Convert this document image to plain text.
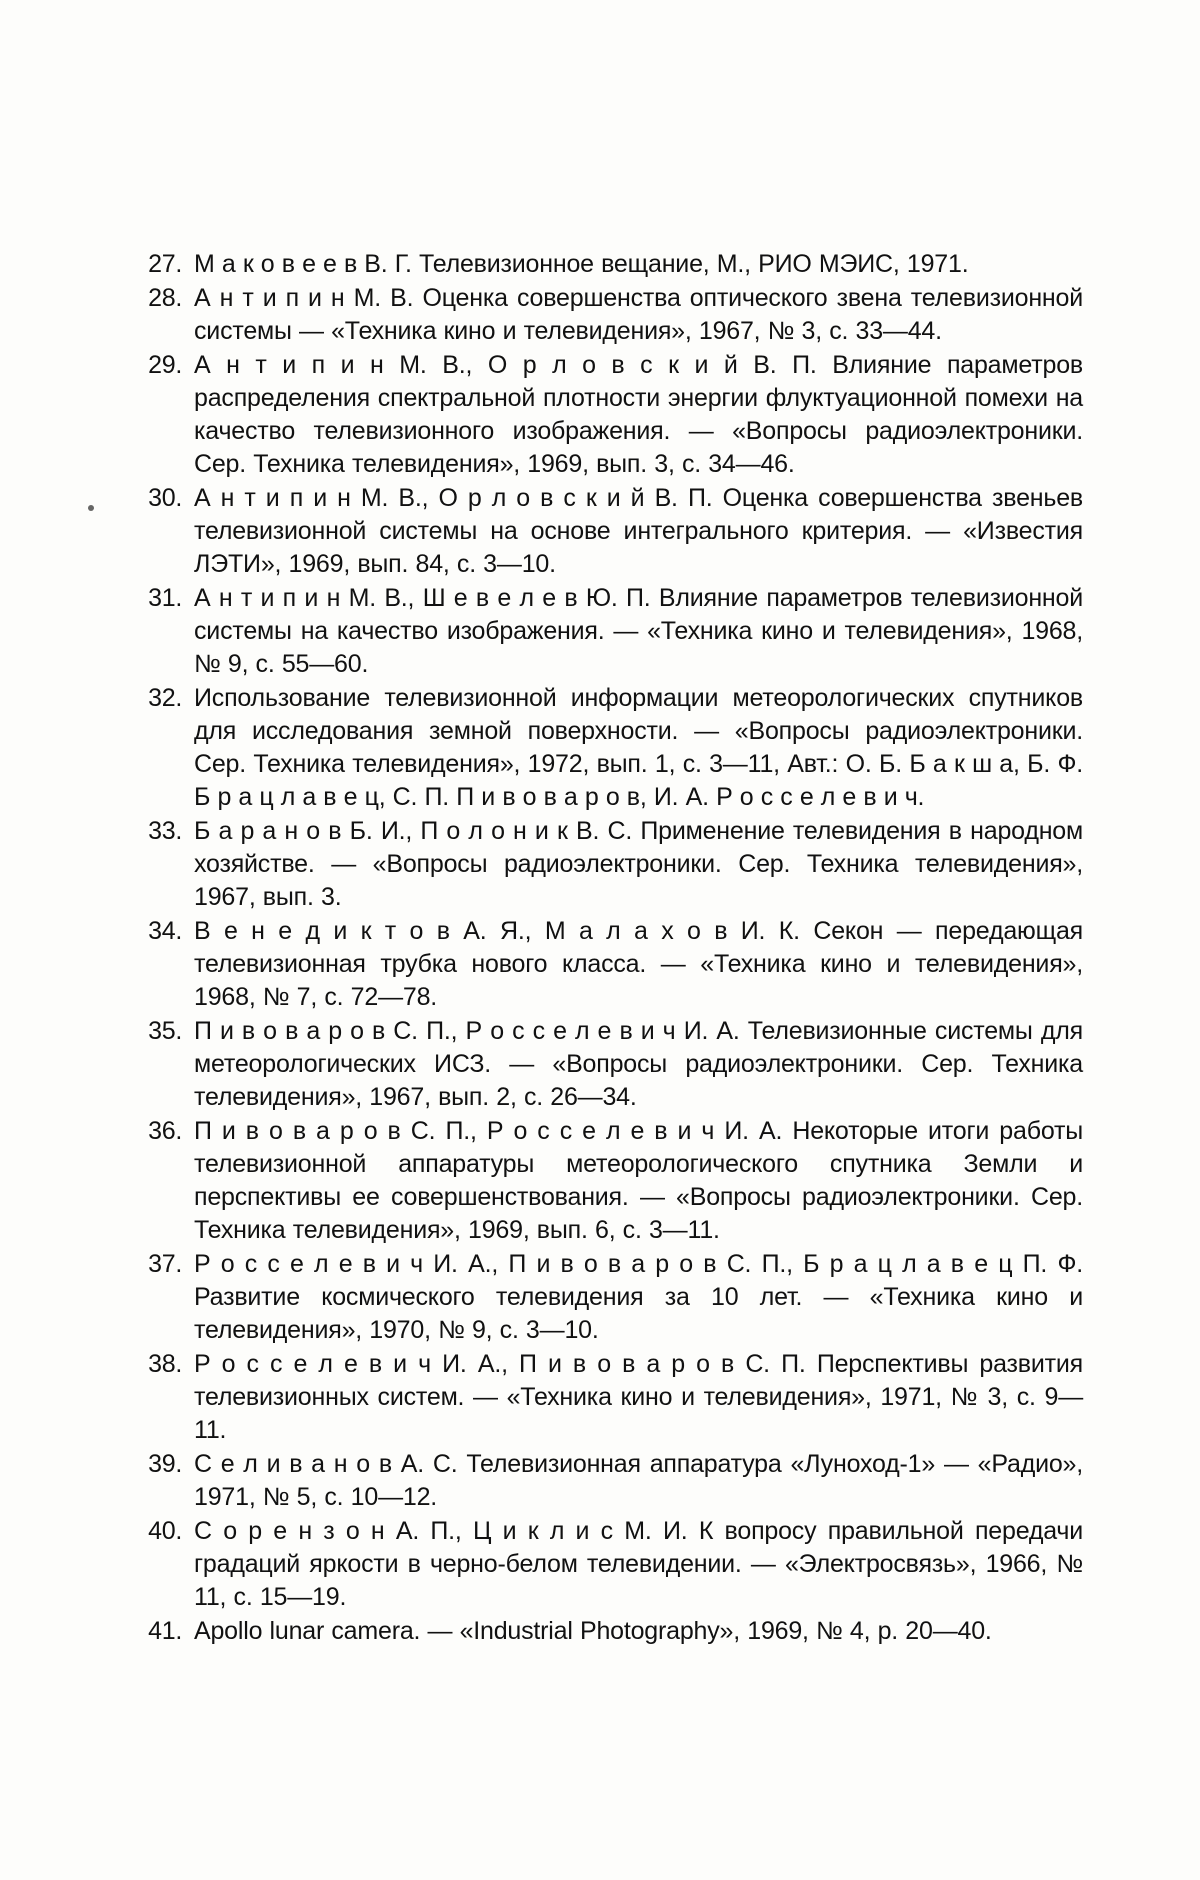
27. М а к о в е е в В. Г. Телевизионное вещание, М., РИО МЭИС, 1971.
28. А н т и п и н М. В. Оценка совершенства оптического звена телевизионной системы — «Техника кино и телевидения», 1967, № 3, с. 33—44.
29. А н т и п и н М. В., О р л о в с к и й В. П. Влияние параметров распределения спектральной плотности энергии флуктуационной помехи на качество телевизионного изображения. — «Вопросы радиоэлектроники. Сер. Техника телевидения», 1969, вып. 3, с. 34—46.
30. А н т и п и н М. В., О р л о в с к и й В. П. Оценка совершенства звеньев телевизионной системы на основе интегрального критерия. — «Известия ЛЭТИ», 1969, вып. 84, с. 3—10.
31. А н т и п и н М. В., Ш е в е л е в Ю. П. Влияние параметров телевизионной системы на качество изображения. — «Техника кино и телевидения», 1968, № 9, с. 55—60.
32. Использование телевизионной информации метеорологических спутников для исследования земной поверхности. — «Вопросы радиоэлектроники. Сер. Техника телевидения», 1972, вып. 1, с. 3—11, Авт.: О. Б. Б а к ш а, Б. Ф. Б р а ц л а в е ц, С. П. П и в о в а р о в, И. А. Р о с с е л е в и ч.
33. Б а р а н о в Б. И., П о л о н и к В. С. Применение телевидения в народном хозяйстве. — «Вопросы радиоэлектроники. Сер. Техника телевидения», 1967, вып. 3.
34. В е н е д и к т о в А. Я., М а л а х о в И. К. Секон — передающая телевизионная трубка нового класса. — «Техника кино и телевидения», 1968, № 7, с. 72—78.
35. П и в о в а р о в С. П., Р о с с е л е в и ч И. А. Телевизионные системы для метеорологических ИСЗ. — «Вопросы радиоэлектроники. Сер. Техника телевидения», 1967, вып. 2, с. 26—34.
36. П и в о в а р о в С. П., Р о с с е л е в и ч И. А. Некоторые итоги работы телевизионной аппаратуры метеорологического спутника Земли и перспективы ее совершенствования. — «Вопросы радиоэлектроники. Сер. Техника телевидения», 1969, вып. 6, с. 3—11.
37. Р о с с е л е в и ч И. А., П и в о в а р о в С. П., Б р а ц л а в е ц П. Ф. Развитие космического телевидения за 10 лет. — «Техника кино и телевидения», 1970, № 9, с. 3—10.
38. Р о с с е л е в и ч И. А., П и в о в а р о в С. П. Перспективы развития телевизионных систем. — «Техника кино и телевидения», 1971, № 3, с. 9—11.
39. С е л и в а н о в А. С. Телевизионная аппаратура «Луноход-1» — «Радио», 1971, № 5, с. 10—12.
40. С о р е н з о н А. П., Ц и к л и с М. И. К вопросу правильной передачи градаций яркости в черно-белом телевидении. — «Электросвязь», 1966, № 11, с. 15—19.
41. Apollo lunar camera. — «Industrial Photography», 1969, № 4, р. 20—40.
